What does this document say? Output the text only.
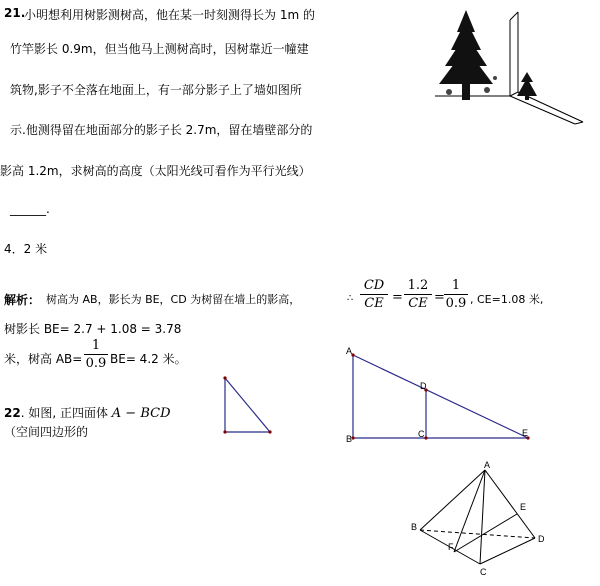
21.
小明想利用树影测树高，他在某一时刻测得长为 1m 的
竹竿影长 0.9m，但当他马上测树高时，因树靠近一幢建
筑物,影子不全落在地面上，有一部分影子上了墙如图所
示.他测得留在地面部分的影子长 2.7m，留在墙壁部分的
影高 1.2m，求树高的高度（太阳光线可看作为平行光线）
______.
4．2 米
解析： 树高为 AB，影长为 BE，CD 为树留在墙上的影高，	∴
CD
CE =
1.2
CE =
1
0.9 , CE=1.08 米,
树影长 BE= 2.7 + 1.08 = 3.78
米，树高 AB=
1
0.9 BE= 4.2 米。
A
B
D
C	E
22. 如图, 正四面体 A − BCD
（空间四边形的
A
B
C
D
E
F
